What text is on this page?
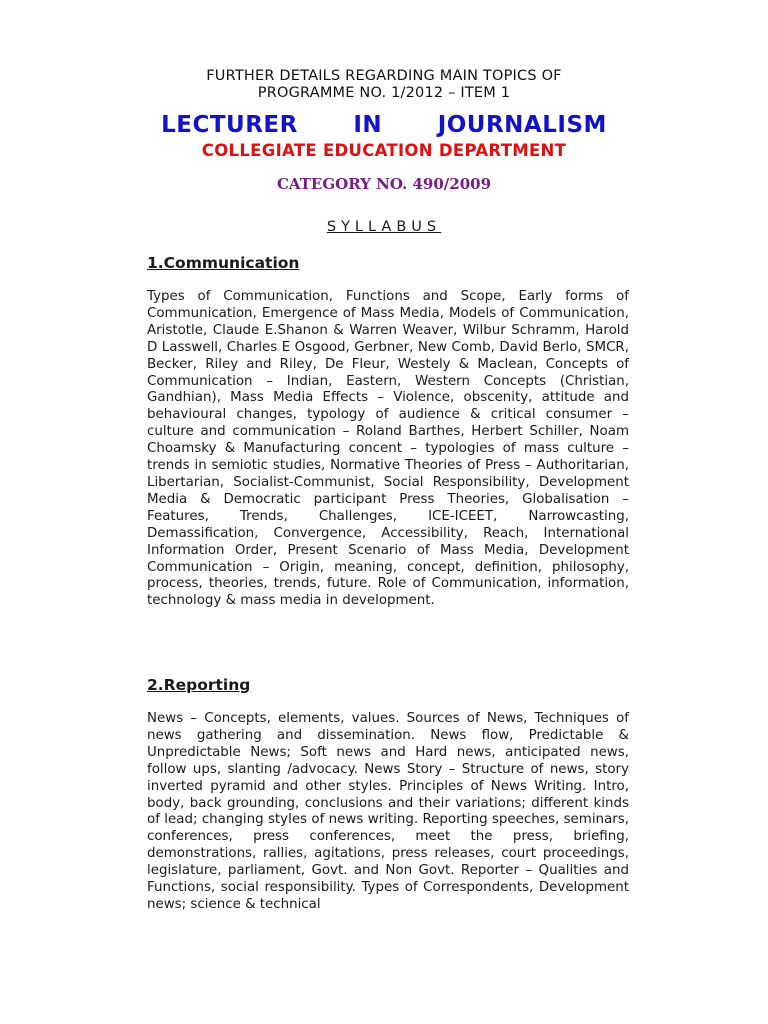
FURTHER DETAILS REGARDING MAIN TOPICS OF
PROGRAMME NO. 1/2012 – ITEM 1
LECTURER   IN   JOURNALISM
COLLEGIATE EDUCATION DEPARTMENT
CATEGORY NO. 490/2009
SYLLABUS
1.Communication
Types of Communication, Functions and Scope, Early forms of Communication, Emergence of Mass Media, Models of Communication, Aristotle, Claude E.Shanon & Warren Weaver, Wilbur Schramm, Harold D Lasswell, Charles E Osgood, Gerbner, New Comb, David Berlo, SMCR, Becker, Riley and Riley, De Fleur, Westely & Maclean, Concepts of Communication – Indian, Eastern, Western Concepts (Christian, Gandhian), Mass Media Effects – Violence, obscenity, attitude and behavioural changes, typology of audience & critical consumer – culture and communication – Roland Barthes, Herbert Schiller, Noam Choamsky & Manufacturing concent – typologies of mass culture – trends in semiotic studies, Normative Theories of Press – Authoritarian, Libertarian, Socialist-Communist, Social Responsibility, Development Media & Democratic participant Press Theories, Globalisation – Features, Trends, Challenges, ICE-ICEET, Narrowcasting, Demassification, Convergence, Accessibility, Reach, International Information Order, Present Scenario of Mass Media, Development Communication – Origin, meaning, concept, definition, philosophy, process, theories, trends, future. Role of Communication, information, technology & mass media in development.
2.Reporting
News – Concepts, elements, values. Sources of News, Techniques of news gathering and dissemination. News flow, Predictable & Unpredictable News; Soft news and Hard news, anticipated news, follow ups, slanting /advocacy. News Story – Structure of news, story inverted pyramid and other styles. Principles of News Writing. Intro, body, back grounding, conclusions and their variations; different kinds of lead; changing styles of news writing. Reporting speeches, seminars, conferences, press conferences, meet the press, briefing, demonstrations, rallies, agitations, press releases, court proceedings, legislature, parliament, Govt. and Non Govt. Reporter – Qualities and Functions, social responsibility. Types of Correspondents, Development news; science & technical
